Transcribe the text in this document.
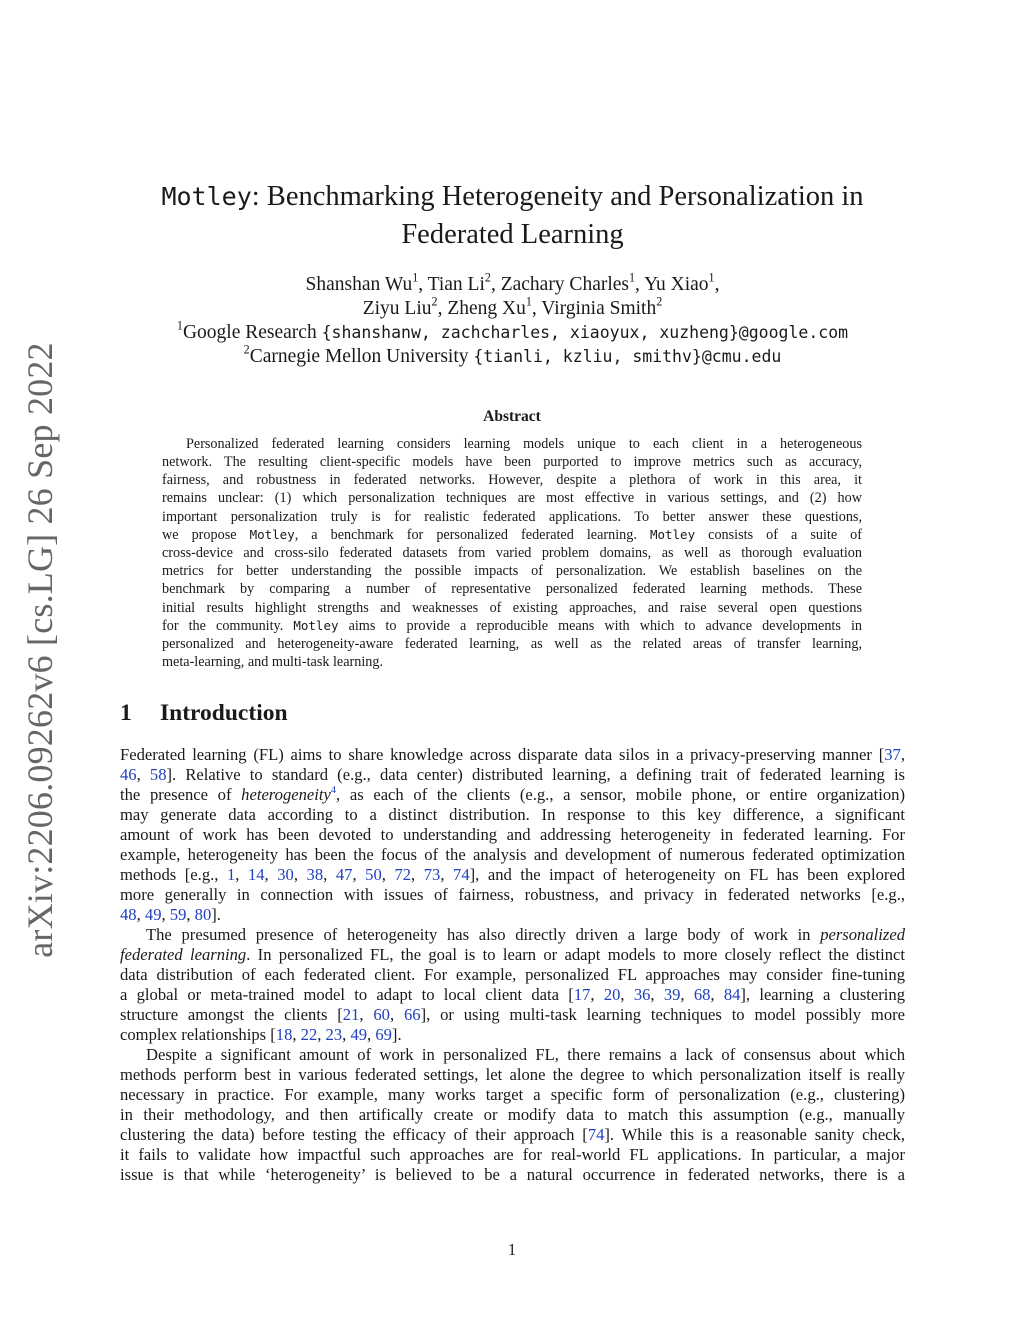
arXiv:2206.09262v6 [cs.LG] 26 Sep 2022
Motley: Benchmarking Heterogeneity and Personalization in
Federated Learning
Shanshan Wu$^1$, Tian Li$^2$, Zachary Charles$^1$, Yu Xiao$^1$,
Ziyu Liu$^2$, Zheng Xu$^1$, Virginia Smith$^2$
$^1$Google Research {shanshanw, zachcharles, xiaoyux, xuzheng}@google.com
$^2$Carnegie Mellon University {tianli, kzliu, smithv}@cmu.edu
Abstract
Personalized federated learning considers learning models unique to each client in a heterogeneous
network. The resulting client-specific models have been purported to improve metrics such as accuracy,
fairness, and robustness in federated networks. However, despite a plethora of work in this area, it
remains unclear: (1) which personalization techniques are most effective in various settings, and (2) how
important personalization truly is for realistic federated applications. To better answer these questions,
we propose Motley, a benchmark for personalized federated learning. Motley consists of a suite of
cross-device and cross-silo federated datasets from varied problem domains, as well as thorough evaluation
metrics for better understanding the possible impacts of personalization. We establish baselines on the
benchmark by comparing a number of representative personalized federated learning methods. These
initial results highlight strengths and weaknesses of existing approaches, and raise several open questions
for the community. Motley aims to provide a reproducible means with which to advance developments in
personalized and heterogeneity-aware federated learning, as well as the related areas of transfer learning,
meta-learning, and multi-task learning.
1 Introduction
Federated learning (FL) aims to share knowledge across disparate data silos in a privacy-preserving manner [37,
46, 58]. Relative to standard (e.g., data center) distributed learning, a defining trait of federated learning is
the presence of heterogeneity$^4$, as each of the clients (e.g., a sensor, mobile phone, or entire organization)
may generate data according to a distinct distribution. In response to this key difference, a significant
amount of work has been devoted to understanding and addressing heterogeneity in federated learning. For
example, heterogeneity has been the focus of the analysis and development of numerous federated optimization
methods [e.g., 1, 14, 30, 38, 47, 50, 72, 73, 74], and the impact of heterogeneity on FL has been explored
more generally in connection with issues of fairness, robustness, and privacy in federated networks [e.g.,
48, 49, 59, 80].
The presumed presence of heterogeneity has also directly driven a large body of work in personalized
federated learning. In personalized FL, the goal is to learn or adapt models to more closely reflect the distinct
data distribution of each federated client. For example, personalized FL approaches may consider fine-tuning
a global or meta-trained model to adapt to local client data [17, 20, 36, 39, 68, 84], learning a clustering
structure amongst the clients [21, 60, 66], or using multi-task learning techniques to model possibly more
complex relationships [18, 22, 23, 49, 69].
Despite a significant amount of work in personalized FL, there remains a lack of consensus about which
methods perform best in various federated settings, let alone the degree to which personalization itself is really
necessary in practice. For example, many works target a specific form of personalization (e.g., clustering)
in their methodology, and then artifically create or modify data to match this assumption (e.g., manually
clustering the data) before testing the efficacy of their approach [74]. While this is a reasonable sanity check,
it fails to validate how impactful such approaches are for real-world FL applications. In particular, a major
issue is that while ‘heterogeneity’ is believed to be a natural occurrence in federated networks, there is a
1
